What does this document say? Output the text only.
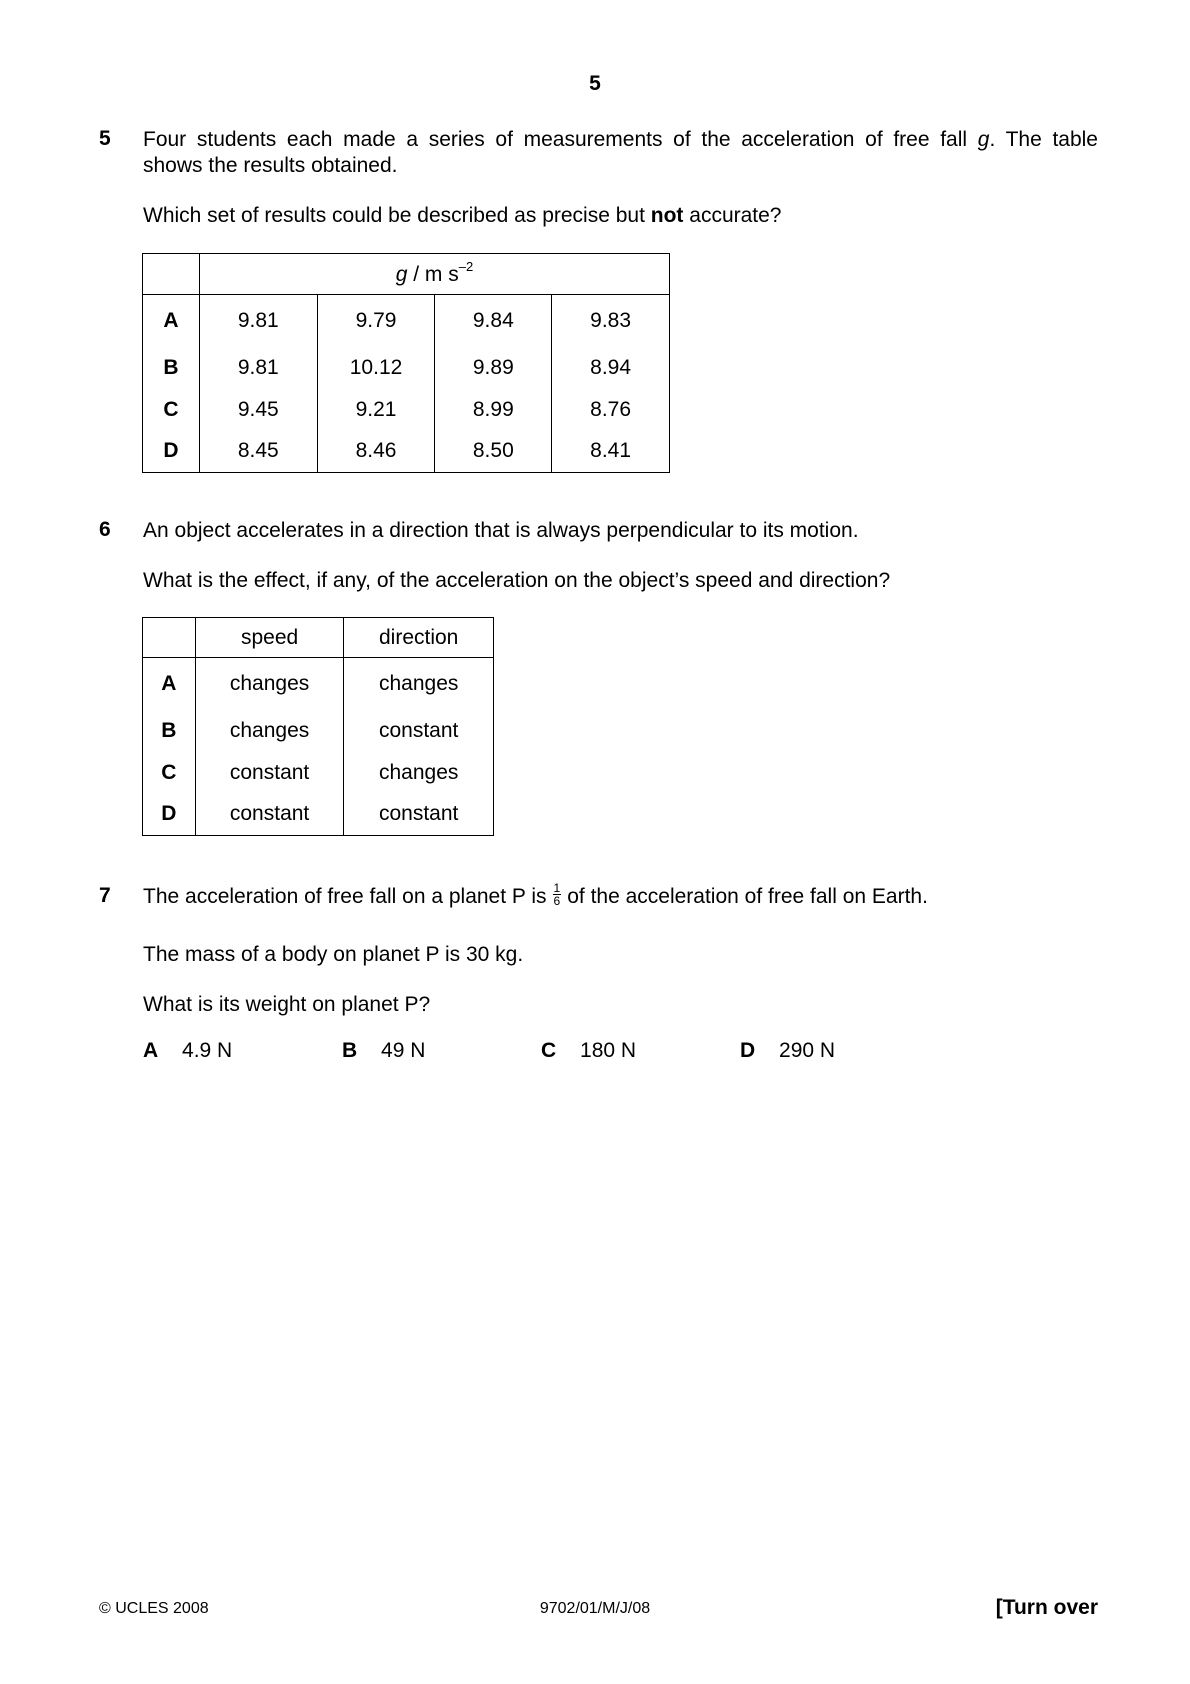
5
5 Four students each made a series of measurements of the acceleration of free fall g. The table
shows the results obtained.
Which set of results could be described as precise but not accurate?
	g / m $s^{-2}$
A	9.81	9.79	9.84	9.83
B	9.81	10.12	9.89	8.94
C	9.45	9.21	8.99	8.76
D	8.45	8.46	8.50	8.41
6 An object accelerates in a direction that is always perpendicular to its motion.
What is the effect, if any, of the acceleration on the object’s speed and direction?
	speed	direction
A	changes	changes
B	changes	constant
C	constant	changes
D	constant	constant
7 The acceleration of free fall on a planet P is $\frac{1}{6}$ of the acceleration of free fall on Earth.
The mass of a body on planet P is 30 kg.
What is its weight on planet P?
A 4.9 N	B 49 N	C 180 N	D 290 N
© UCLES 2008	9702/01/M/J/08	[Turn over
